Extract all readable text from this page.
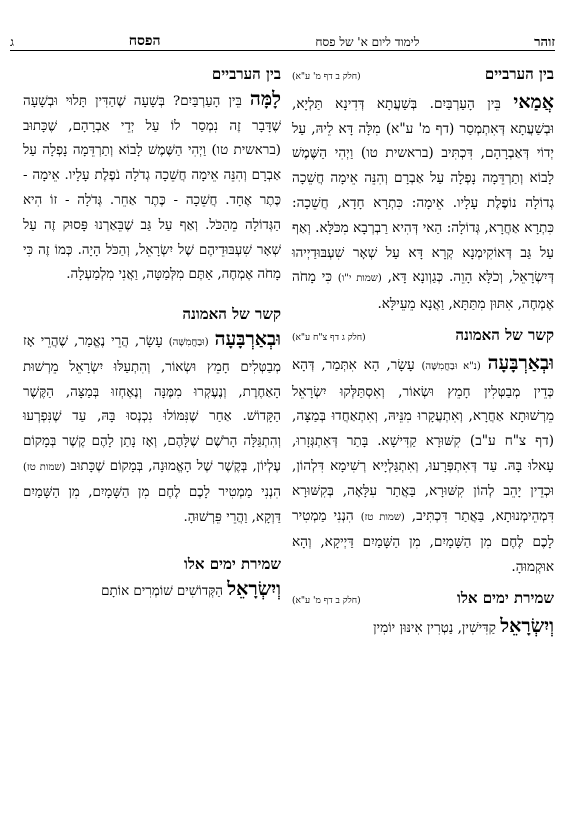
זוהר
לימוד ליום א' של פסח
הפסח
ג
בין הערביים
(חלק ב דף מ' ע"א)

אֲמַאי בֵּין הָעַרְבַּיִם. בְּשַׁעֲתָא דְּדִינָא תַּלְיָא, וּבְשַׁעֲתָא דְּאִתְמְסַר (דף מ' ע"א) מִלָּה דָּא לֵיהּ, עַל יְדוֹי דְּאַבְרָהָם, דִּכְתִּיב (בראשית טו) וַיְהִי הַשֶּׁמֶשׁ לָבוֹא וְתַרְדֵּמָה נָפְלָה עַל אַבְרָם וְהִנֵּה אֵימָה חֲשֵׁכָה גְדוֹלָה נוֹפֶלֶת עָלָיו. אֵימָה: כִּתְרָא חָדָא, חֲשֵׁכָה: כִּתְרָא אַחֲרָא, גְּדוֹלָה: הַאי דְּהִיא רַבְרְבָא מִכֹּלָּא. וְאַף עַל גַּב דְּאוֹקִימְנָא קְרָא דָּא עַל שְׁאָר שִׁעְבּוּדַיְיהוּ דְּיִשְׂרָאֵל, וְכֹלָּא הָוֵה. כְּגַוְונָא דָּא, (שמות י"ו) כִּי מָחֹה אֶמְחֶה, אִתּוּן מִתַּתָּא, וַאֲנָא מֵעֵילָּא.

קשר של האמונה
(חלק ג דף צ"ח ע"א)

וּבְאַרְבָּעָה (נ"א וּבַחֲמִשָּׁה) עָשָׂר, הָא אִתְּמַר, דְּהָא כְּדֵין מְבַטְּלִין חָמֵץ וּשְׂאוֹר, וְאִסְתַּלְּקוּ יִשְׂרָאֵל מֵרְשׁוּתָא אַחֲרָא, וְאִתְעֲקָרוּ מִנֵּיהּ, וְאִתְאַחֲדוּ בְּמַצָּה, (דף צ"ח ע"ב) קִשּׁוּרָא קַדִּישָׁא. בָּתַר דְּאִתְגְּזָרוּ, עָאלוּ בָּהּ. עַד דְּאִתְפְּרָעוּ, וְאִתְגַּלְיָיא רְשִׁימָא דִּלְהוֹן, וּכְדֵין יָהֵב לְהוֹן קִשּׁוּרָא, בַּאֲתַר עִלָּאָה, בְּקִשּׁוּרָא דִּמְהֵימְנוּתָא, בַּאֲתַר דִּכְתִּיב, (שמות טז) הִנְנִי מַמְטִיר לָכֶם לֶחֶם מִן הַשָּׁמָיִם, מִן הַשָּׁמַיִם דַּיְיקָא, וְהָא אוּקְמוּהָ.

שמירת ימים אלו
(חלק ב דף מ' ע"א)

וְיִשְׂרָאֵל קַדִּישִׁין, נַטְרִין אִינּוּן יוֹמִין

בין הערביים

לָמָּה בֵּין הָעַרְבַּיִם? בְּשָׁעָה שֶׁהַדִּין תָּלוּי וּבְשָׁעָה שֶׁדָּבָר זֶה נִמְסַר לוֹ עַל יְדֵי אַבְרָהָם, שֶׁכָּתוּב (בראשית טו) וַיְהִי הַשֶּׁמֶשׁ לָבוֹא וְתַרְדֵּמָה נָפְלָה עַל אַבְרָם וְהִנֵּה אֵימָה חֲשֵׁכָה גְדֹלָה נֹפֶלֶת עָלָיו. אֵימָה - כֶּתֶר אֶחָד. חֲשֵׁכָה - כֶּתֶר אַחֵר. גְּדֹלָה - זוֹ הִיא הַגְּדוֹלָה מֵהַכֹּל. וְאַף עַל גַּב שֶׁבֵּאַרְנוּ פָּסוּק זֶה עַל שְׁאָר שִׁעְבּוּדֵיהֶם שֶׁל יִשְׂרָאֵל, וְהַכֹּל הָיָה. כְּמוֹ זֶה כִּי מָחֹה אֶמְחֶה, אַתֶּם מִלְּמַטָּה, וַאֲנִי מִלְמַעְלָה.

קשר של האמונה

וּבְאַרְבָּעָה (וּבַחֲמִשָּׁה) עָשָׂר, הֲרֵי נֶאֱמַר, שֶׁהֲרֵי אָז מְבַטְּלִים חָמֵץ וּשְׂאוֹר, וְהִתְעַלּוּ יִשְׂרָאֵל מֵרְשׁוּת הָאַחֶרֶת, וְנֶעֶקְרוּ מִמֶּנָּה וְנֶאֶחְזוּ בְּמַצָּה, הַקֶּשֶׁר הַקָּדוֹשׁ. אַחַר שֶׁנִּמּוֹלוּ נִכְנְסוּ בָּהּ, עַד שֶׁנִּפְרְעוּ וְהִתְגַּלָּה הָרֹשֶׁם שֶׁלָּהֶם, וְאָז נָתַן לָהֶם קֶשֶׁר בְּמָקוֹם עֶלְיוֹן, בְּקֶשֶׁר שֶׁל הָאֱמוּנָה, בְּמָקוֹם שֶׁכָּתוּב (שמות טז) הִנְנִי מַמְטִיר לָכֶם לֶחֶם מִן הַשָּׁמָיִם, מִן הַשָּׁמַיִם דַּוְקָא, וַהֲרֵי פֵּרְשׁוּהָ.

שמירת ימים אלו

וְיִשְׂרָאֵל הַקְּדוֹשִׁים שׁוֹמְרִים אוֹתָם
